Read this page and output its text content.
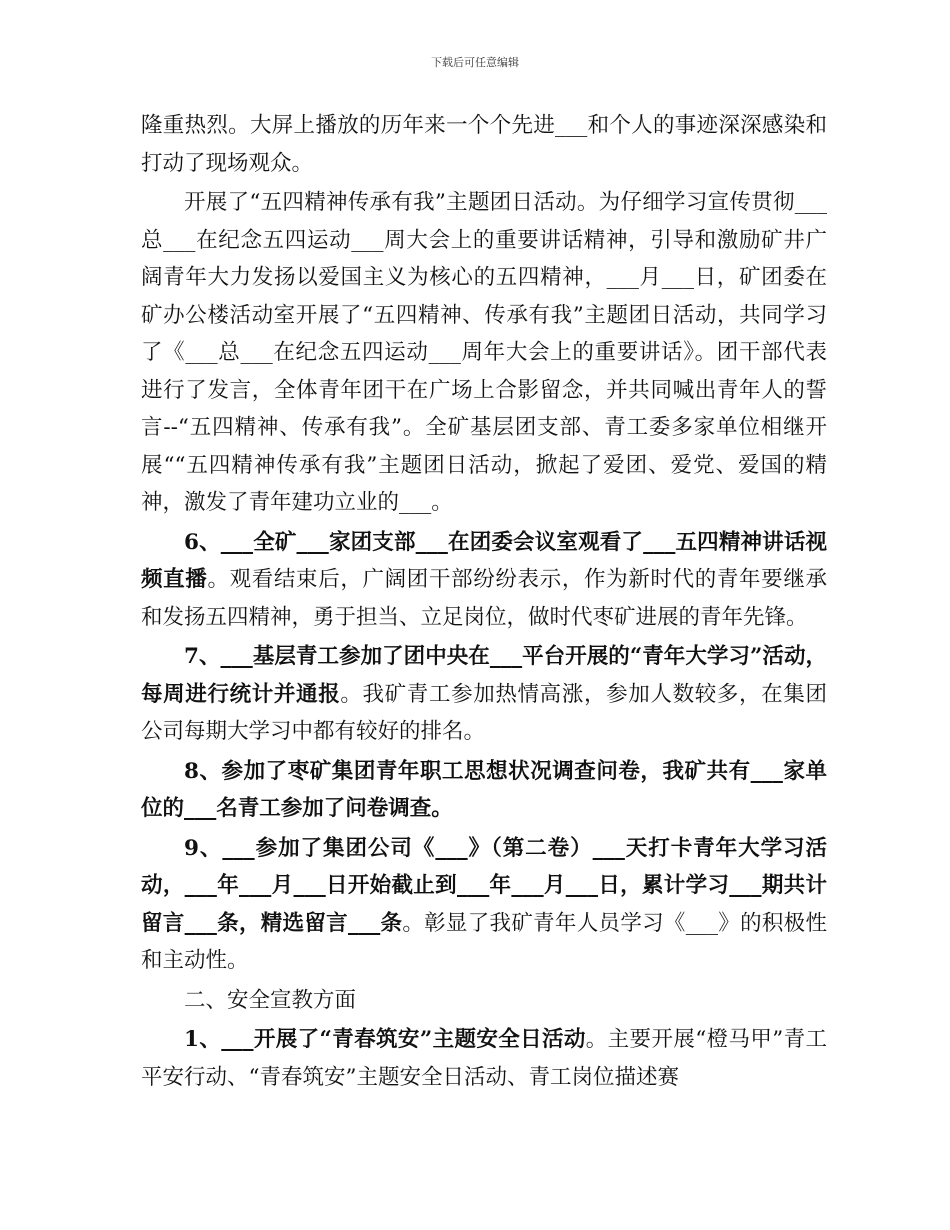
下载后可任意编辑

隆重热烈。大屏上播放的历年来一个个先进___和个人的事迹深深感染和打动了现场观众。

开展了“五四精神传承有我”主题团日活动。为仔细学习宣传贯彻___总___在纪念五四运动___周大会上的重要讲话精神，引导和激励矿井广阔青年大力发扬以爱国主义为核心的五四精神，___月___日，矿团委在矿办公楼活动室开展了“五四精神、传承有我”主题团日活动，共同学习了《___总___在纪念五四运动___周年大会上的重要讲话》。团干部代表进行了发言，全体青年团干在广场上合影留念，并共同喊出青年人的誓言--“五四精神、传承有我”。全矿基层团支部、青工委多家单位相继开展““五四精神传承有我”主题团日活动，掀起了爱团、爱党、爱国的精神，激发了青年建功立业的___。

6、___全矿___家团支部___在团委会议室观看了___五四精神讲话视频直播。观看结束后，广阔团干部纷纷表示，作为新时代的青年要继承和发扬五四精神，勇于担当、立足岗位，做时代枣矿进展的青年先锋。

7、___基层青工参加了团中央在___平台开展的“青年大学习”活动，每周进行统计并通报。我矿青工参加热情高涨，参加人数较多，在集团公司每期大学习中都有较好的排名。

8、参加了枣矿集团青年职工思想状况调查问卷，我矿共有___家单位的___名青工参加了问卷调查。

9、___参加了集团公司《___》（第二卷）___天打卡青年大学习活动，___年___月___日开始截止到___年___月___日，累计学习___期共计留言___条，精选留言___条。彰显了我矿青年人员学习《___》的积极性和主动性。

二、安全宣教方面

1、___开展了“青春筑安”主题安全日活动。主要开展“橙马甲”青工平安行动、“青春筑安”主题安全日活动、青工岗位描述赛
